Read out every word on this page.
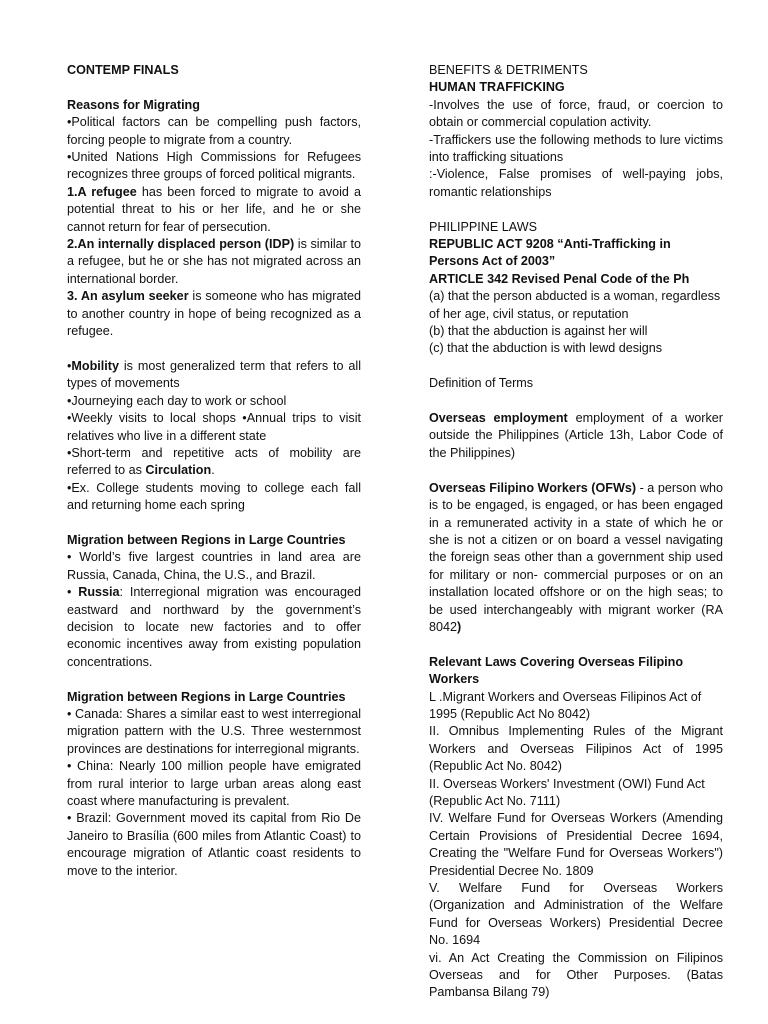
CONTEMP FINALS

Reasons for Migrating

•Political factors can be compelling push factors, forcing people to migrate from a country.

•United Nations High Commissions for Refugees recognizes three groups of forced political migrants.

1.A refugee has been forced to migrate to avoid a potential threat to his or her life, and he or she cannot return for fear of persecution.

2.An internally displaced person (IDP) is similar to a refugee, but he or she has not migrated across an international border.

3. An asylum seeker is someone who has migrated to another country in hope of being recognized as a refugee.

•Mobility is most generalized term that refers to all types of movements

•Journeying each day to work or school

•Weekly visits to local shops •Annual trips to visit relatives who live in a different state

•Short-term and repetitive acts of mobility are referred to as Circulation.

•Ex. College students moving to college each fall and returning home each spring

Migration between Regions in Large Countries

• World’s five largest countries in land area are Russia, Canada, China, the U.S., and Brazil.

• Russia: Interregional migration was encouraged eastward and northward by the government’s decision to locate new factories and to offer economic incentives away from existing population concentrations.

Migration between Regions in Large Countries

• Canada: Shares a similar east to west interregional migration pattern with the U.S. Three westernmost provinces are destinations for interregional migrants.

• China: Nearly 100 million people have emigrated from rural interior to large urban areas along east coast where manufacturing is prevalent.

• Brazil: Government moved its capital from Rio De Janeiro to Brasília (600 miles from Atlantic Coast) to encourage migration of Atlantic coast residents to move to the interior.

BENEFITS & DETRIMENTS

HUMAN TRAFFICKING

-Involves the use of force, fraud, or coercion to obtain or commercial copulation activity.

-Traffickers use the following methods to lure victims into trafficking situations

:-Violence, False promises of well-paying jobs, romantic relationships

PHILIPPINE LAWS

REPUBLIC ACT 9208 “Anti-Trafficking in Persons Act of 2003”

ARTICLE 342 Revised Penal Code of the Ph

(a) that the person abducted is a woman, regardless of her age, civil status, or reputation

(b) that the abduction is against her will

(c) that the abduction is with lewd designs

Definition of Terms

Overseas employment employment of a worker outside the Philippines (Article 13h, Labor Code of the Philippines)

Overseas Filipino Workers (OFWs) - a person who is to be engaged, is engaged, or has been engaged in a remunerated activity in a state of which he or she is not a citizen or on board a vessel navigating the foreign seas other than a government ship used for military or non- commercial purposes or on an installation located offshore or on the high seas; to be used interchangeably with migrant worker (RA 8042)

Relevant Laws Covering Overseas Filipino Workers

L .Migrant Workers and Overseas Filipinos Act of 1995 (Republic Act No 8042)

II. Omnibus Implementing Rules of the Migrant Workers and Overseas Filipinos Act of 1995 (Republic Act No. 8042)

II. Overseas Workers' Investment (OWI) Fund Act (Republic Act No. 7111)

IV. Welfare Fund for Overseas Workers (Amending Certain Provisions of Presidential Decree 1694, Creating the "Welfare Fund for Overseas Workers") Presidential Decree No. 1809

V. Welfare Fund for Overseas Workers (Organization and Administration of the Welfare Fund for Overseas Workers) Presidential Decree No. 1694

vi. An Act Creating the Commission on Filipinos Overseas and for Other Purposes. (Batas Pambansa Bilang 79)
